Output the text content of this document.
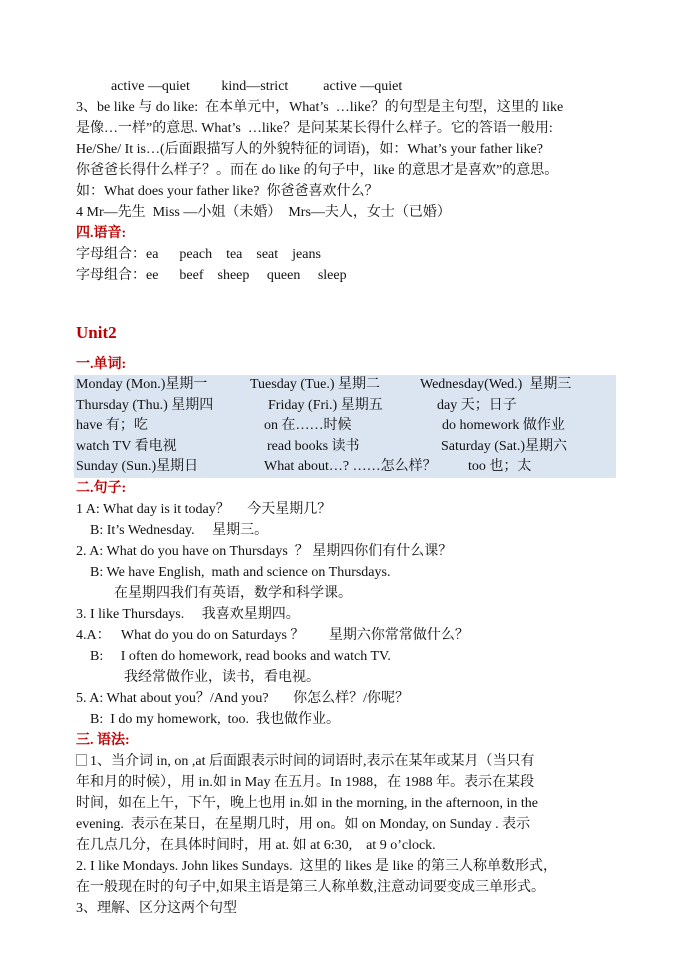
active —quiet         kind—strict          active —quiet
3、be like 与 do like:  在本单元中，What’s  …like？的句型是主句型，这里的 like
是像…一样”的意思. What’s  …like？是问某某长得什么样子。它的答语一般用:
He/She/ It is…(后面跟描写人的外貌特征的词语)，如：What’s your father like?
你爸爸长得什么样子？。而在 do like 的句子中，like 的意思才是喜欢”的意思。
如：What does your father like?  你爸爸喜欢什么？
4 Mr—先生  Miss —小姐（未婚）  Mrs—夫人，女士（已婚）
四.语音:
字母组合：ea      peach    tea    seat    jeans
字母组合：ee      beef    sheep     queen     sleep
Unit2
一.单词:
Monday (Mon.)星期一	Tuesday (Tue.) 星期二	Wednesday(Wed.)  星期三
Thursday (Thu.) 星期四	Friday (Fri.) 星期五	day 天；日子
have 有；吃	on 在……时候	do homework 做作业
watch TV 看电视	read books 读书	Saturday (Sat.)星期六
Sunday (Sun.)星期日	What about…? ……怎么样？	too 也；太
二.句子:
1 A: What day is it today？     今天星期几？
B: It’s Wednesday.     星期三。
2. A: What do you have on Thursdays  ？ 星期四你们有什么课？
B: We have English,  math and science on Thursdays.
在星期四我们有英语，数学和科学课。
3. I like Thursdays.     我喜欢星期四。
4.A：   What do you do on Saturdays ？       星期六你常常做什么？
B:     I often do homework, read books and watch TV.
我经常做作业，读书，看电视。
5. A: What about you？/And you?       你怎么样？/你呢？
B:  I do my homework,  too.  我也做作业。
三. 语法:
1、当介词 in, on ,at 后面跟表示时间的词语时,表示在某年或某月（当只有
年和月的时候），用 in.如 in May 在五月。In 1988，在 1988 年。表示在某段
时间，如在上午，下午，晚上也用 in.如 in the morning, in the afternoon, in the
evening.  表示在某日，在星期几时，用 on。如 on Monday, on Sunday . 表示
在几点几分，在具体时间时，用 at. 如 at 6:30,    at 9 o’clock.
2. I like Mondays. John likes Sundays.  这里的 likes 是 like 的第三人称单数形式，
在一般现在时的句子中,如果主语是第三人称单数,注意动词要变成三单形式。
3、理解、区分这两个句型
